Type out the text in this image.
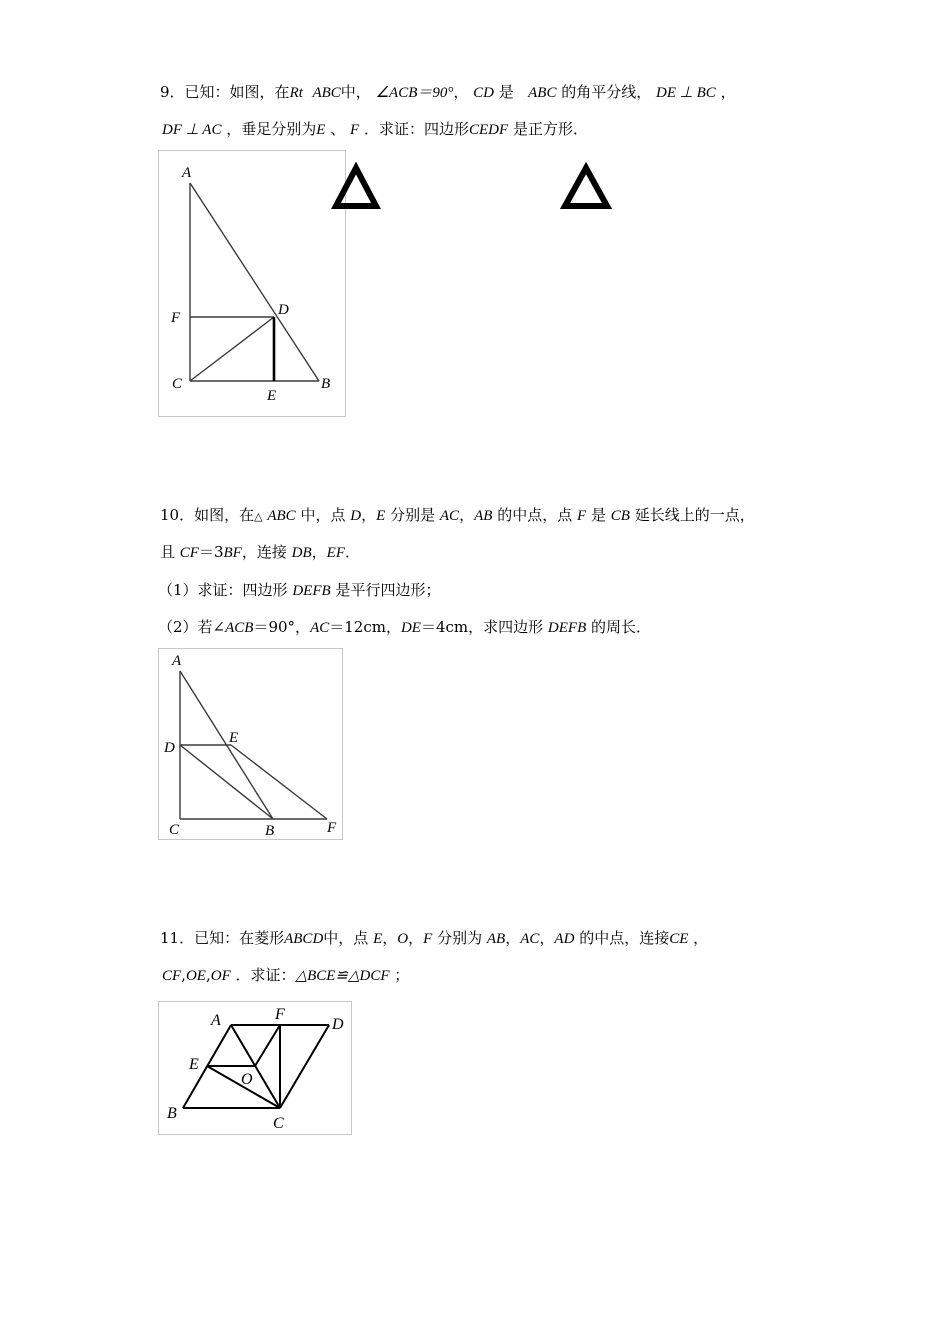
9．已知：如图，在Rt ABC中， ∠ACB＝90°， CD 是 ABC 的角平分线， DE ⊥ BC ，
DF ⊥ AC ，垂足分别为E 、 F ．求证：四边形CEDF 是正方形．
A
F	D
C
E
B
10．如图，在△ ABC 中，点 D，E 分别是 AC，AB 的中点，点 F 是 CB 延长线上的一点，
且 CF＝3BF，连接 DB，EF．
（1）求证：四边形 DEFB 是平行四边形；
（2）若∠ACB＝90°，AC＝12cm，DE＝4cm，求四边形 DEFB 的周长．
A
D
E
C	B	F
11．已知：在菱形ABCD中，点 E，O，F 分别为 AB，AC，AD 的中点，连接CE ，
CF,OE,OF ．求证：△BCE≌△DCF ；
A	F
D
E
O
B
C
